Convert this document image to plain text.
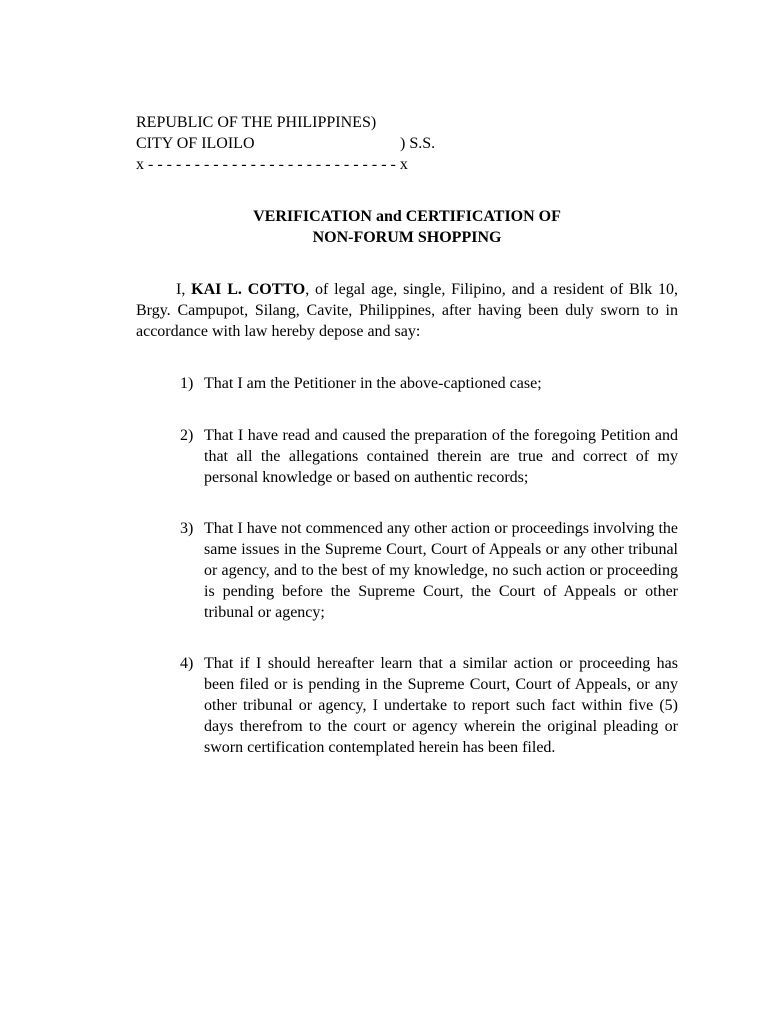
REPUBLIC OF THE PHILIPPINES)
CITY OF ILOILO	) S.S.
x - - - - - - - - - - - - - - - - - - - - - - - - - - - x
VERIFICATION and CERTIFICATION OF
NON-FORUM SHOPPING

I, KAI L. COTTO, of legal age, single, Filipino, and a resident of Blk 10, Brgy. Campupot, Silang, Cavite, Philippines, after having been duly sworn to in accordance with law hereby depose and say:

1) That I am the Petitioner in the above-captioned case;
2) That I have read and caused the preparation of the foregoing Petition and that all the allegations contained therein are true and correct of my personal knowledge or based on authentic records;
3) That I have not commenced any other action or proceedings involving the same issues in the Supreme Court, Court of Appeals or any other tribunal or agency, and to the best of my knowledge, no such action or proceeding is pending before the Supreme Court, the Court of Appeals or other tribunal or agency;
4) That if I should hereafter learn that a similar action or proceeding has been filed or is pending in the Supreme Court, Court of Appeals, or any other tribunal or agency, I undertake to report such fact within five (5) days therefrom to the court or agency wherein the original pleading or sworn certification contemplated herein has been filed.
